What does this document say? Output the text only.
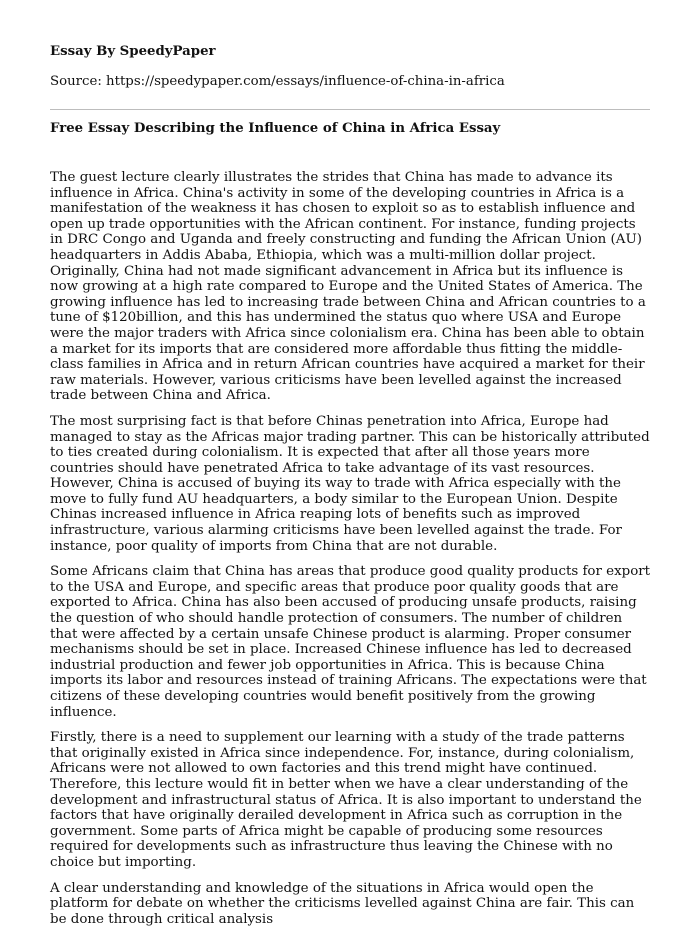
Essay By SpeedyPaper

Source: https://speedypaper.com/essays/influence-of-china-in-africa

Free Essay Describing the Influence of China in Africa Essay

The guest lecture clearly illustrates the strides that China has made to advance its influence in Africa. China's activity in some of the developing countries in Africa is a manifestation of the weakness it has chosen to exploit so as to establish influence and open up trade opportunities with the African continent. For instance, funding projects in DRC Congo and Uganda and freely constructing and funding the African Union (AU) headquarters in Addis Ababa, Ethiopia, which was a multi-million dollar project. Originally, China had not made significant advancement in Africa but its influence is now growing at a high rate compared to Europe and the United States of America. The growing influence has led to increasing trade between China and African countries to a tune of $120billion, and this has undermined the status quo where USA and Europe were the major traders with Africa since colonialism era. China has been able to obtain a market for its imports that are considered more affordable thus fitting the middle-class families in Africa and in return African countries have acquired a market for their raw materials. However, various criticisms have been levelled against the increased trade between China and Africa.

The most surprising fact is that before Chinas penetration into Africa, Europe had managed to stay as the Africas major trading partner. This can be historically attributed to ties created during colonialism. It is expected that after all those years more countries should have penetrated Africa to take advantage of its vast resources. However, China is accused of buying its way to trade with Africa especially with the move to fully fund AU headquarters, a body similar to the European Union. Despite Chinas increased influence in Africa reaping lots of benefits such as improved infrastructure, various alarming criticisms have been levelled against the trade. For instance, poor quality of imports from China that are not durable.

Some Africans claim that China has areas that produce good quality products for export to the USA and Europe, and specific areas that produce poor quality goods that are exported to Africa. China has also been accused of producing unsafe products, raising the question of who should handle protection of consumers. The number of children that were affected by a certain unsafe Chinese product is alarming. Proper consumer mechanisms should be set in place. Increased Chinese influence has led to decreased industrial production and fewer job opportunities in Africa. This is because China imports its labor and resources instead of training Africans. The expectations were that citizens of these developing countries would benefit positively from the growing influence.

Firstly, there is a need to supplement our learning with a study of the trade patterns that originally existed in Africa since independence. For, instance, during colonialism, Africans were not allowed to own factories and this trend might have continued. Therefore, this lecture would fit in better when we have a clear understanding of the development and infrastructural status of Africa. It is also important to understand the factors that have originally derailed development in Africa such as corruption in the government. Some parts of Africa might be capable of producing some resources required for developments such as infrastructure thus leaving the Chinese with no choice but importing.

A clear understanding and knowledge of the situations in Africa would open the platform for debate on whether the criticisms levelled against China are fair. This can be done through critical analysis
